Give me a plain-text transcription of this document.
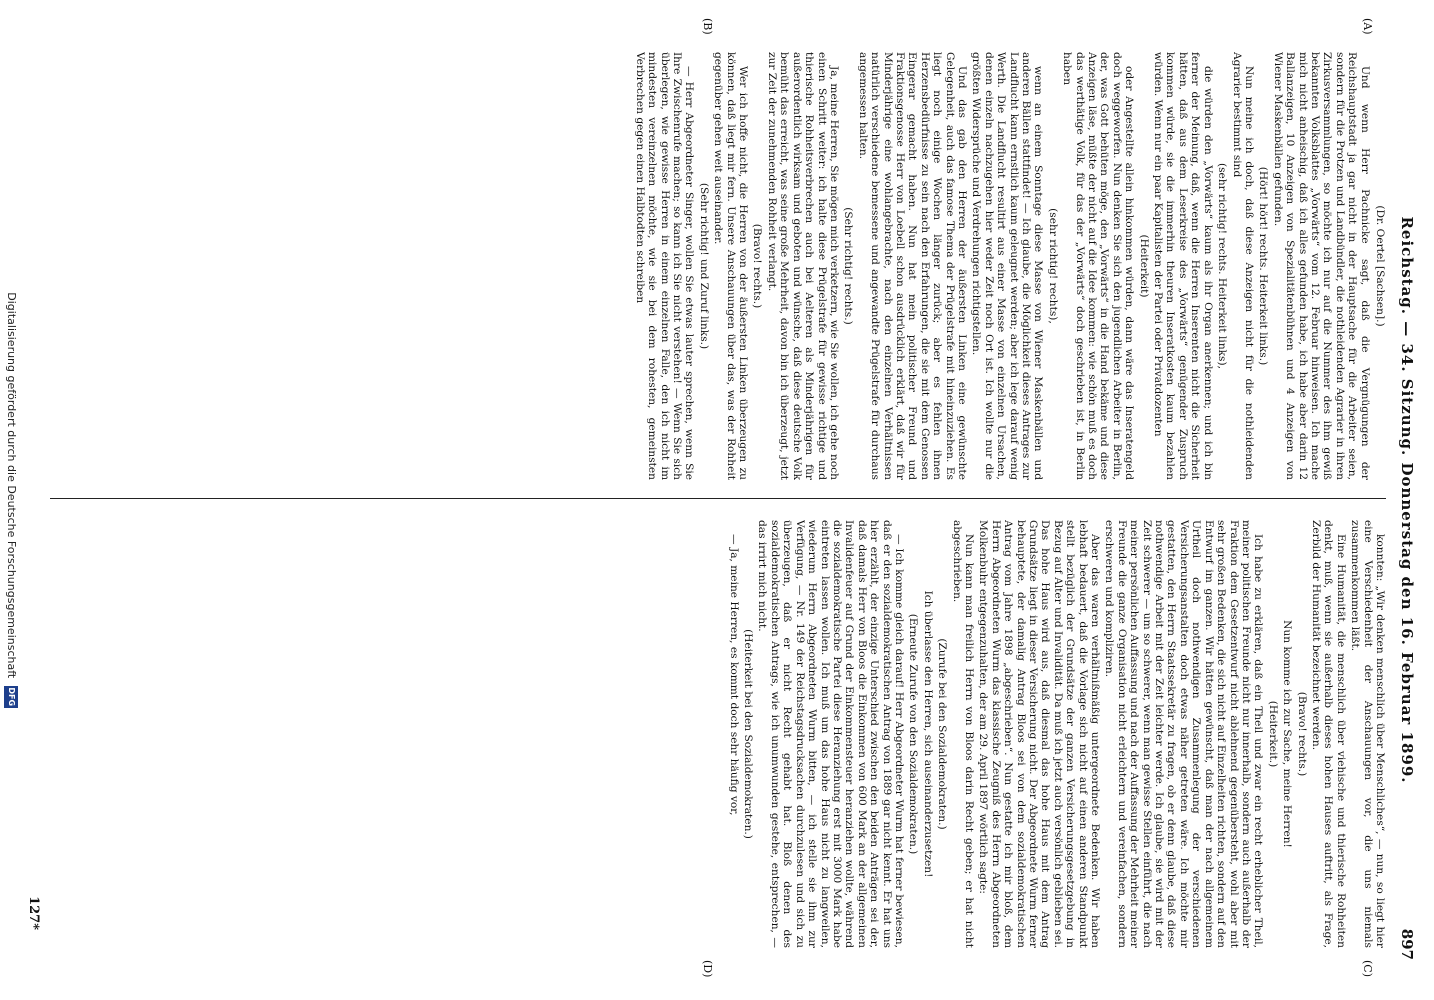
Reichstag. — 34. Sitzung. Donnerstag den 16. Februar 1899.
897
(A)
(B)
(C)
(D)

(Dr. Oertel [Sachsen].)

Und wenn Herr Pachnicke sagt, daß die Vergnügungen der Reichshauptstadt ja gar nicht in der Hauptsache für die Arbeiter seien, sondern für die Protzen und Landbündler, die nothleidenden Agrarier in ihren Zirkusversammlungen, so möchte ich nur auf die Nummer des ihm gewiß bekannten Volksblattes „Vorwärts“ vom 12. Februar hinweisen. Ich mache mich nicht anheischig, daß ich alles gefunden habe, ich habe aber darin 12 Ballanzeigen, 10 Anzeigen von Spezialitätenbühnen und 4 Anzeigen von Wiener Maskenbällen gefunden.

(Hört! hört! rechts. Heiterkeit links.)

Nun meine ich doch, daß diese Anzeigen nicht für die nothleidenden Agrarier bestimmt sind

(sehr richtig! rechts. Heiterkeit links),

die würden den „Vorwärts“ kaum als ihr Organ anerkennen; und ich bin ferner der Meinung, daß, wenn die Herren Inserenten nicht die Sicherheit hätten, daß aus dem Leserkreise des „Vorwärts“ genügender Zuspruch kommen würde, sie die immerhin theuren Inseratkosten kaum bezahlen würden. Wenn nur ein paar Kapitalisten der Partei oder Privatdozenten

(Heiterkeit)

oder Angestellte allein hinkommen würden, dann wäre das Inseratengeld doch weggeworfen. Nun denken Sie sich den jugendlichen Arbeiter in Berlin, der, was Gott behüten möge, den „Vorwärts“ in die Hand bekäme und diese Anzeigen läse, müßte der nicht auf die Idee kommen: wie schön muß es doch das werthätige Volk, für das der „Vorwärts“ doch geschrieben ist, in Berlin haben

(sehr richtig! rechts),

wenn an einem Sonntage diese Masse von Wiener Maskenbällen und anderen Bällen stattfindet! — Ich glaube, die Möglichkeit dieses Antrages zur Landflucht kann ernstlich kaum geleugnet werden; aber ich lege darauf wenig Werth. Die Landflucht resultirt aus einer Masse von einzelnen Ursachen, denen einzeln nachzugehen hier weder Zeit noch Ort ist. Ich wollte nur die größten Widersprüche und Verdrehungen richtigstellen.

Und das gab den Herren der äußersten Linken eine gewünschte Gelegenheit, auch das famose Thema der Prügelstrafe mit hineinzuziehen. Es liegt noch einige Wochen länger zurück; aber es fehlen ihnen Herzensbedürfnisse zu sein nach den Erfahrungen, die sie mit dem Genossen Eingerar gemacht haben. Nun hat mein politischer Freund und Fraktionsgenosse Herr von Loebell schon ausdrücklich erklärt, daß wir für Minderjährige eine wohlangebrachte, nach den einzelnen Verhältnissen natürlich verschiedene bemessene und angewandte Prügelstrafe für durchaus angemessen halten.

(Sehr richtig! rechts.)

Ja, meine Herren, Sie mögen mich verketzern, wie Sie wollen, ich gehe noch einen Schritt weiter: ich halte diese Prügelstrafe für gewisse richtige und thierische Rohheitsverbrechen auch bei Aelteren als Minderjährigen für außerordentlich wirksam und geboten und wünsche, daß diese deutsche Volk bemüht das erreicht, was seine große Mehrheit, davon bin ich überzeugt, jetzt zur Zeit der zunehmenden Rohheit verlangt.

(Bravo! rechts.)

Wer ich hoffe nicht, die Herren von der äußersten Linken überzeugen zu können, daß liegt mir fern. Unsere Anschauungen über das, was der Rohheit gegenüber gehen weit auseinander.

(Sehr richtig! und Zuruf links.)

— Herr Abgeordneter Singer, wollen Sie etwas lauter sprechen, wenn Sie Ihre Zwischenrufe machen; so kann ich Sie nicht verstehen! — Wenn Sie sich überlegen, wie gewisse Herren in einem einzelnen Falle, den ich nicht im mindesten vereinzelnen möchte, wie sie bei dem rohesten, gemeinsten Verbrechen gegen einen Halbtodten schreiben

konnten: „Wir denken menschlich über Menschliches“, — nun, so liegt hier eine Verschiedenheit der Anschauungen vor, die uns niemals zusammenkommen läßt.

Eine Humanität, die menschlich über viehische und thierische Rohheiten denkt, muß, wenn sie außerhalb dieses hohen Hauses auftritt, als Frage, Zerbild der Humanität bezeichnet werden.

(Bravo! rechts.)

Nun komme ich zur Sache, meine Herren!

(Heiterkeit.)

Ich habe zu erklären, daß ein Theil und zwar ein recht erheblicher Theil, meiner politischen Freunde nicht nur innerhalb, sondern auch außerhalb der Fraktion dem Gesetzentwurf nicht ablehnend gegenübersteht, wohl aber mit sehr großen Bedenken, die sich nicht auf Einzelheiten richten, sondern auf den Entwurf im ganzen. Wir hätten gewünscht, daß man der nach allgemeinem Urtheil doch nothwendigen Zusammenlegung der verschiedenen Versicherungsanstalten doch etwas näher getreten wäre. Ich möchte mir gestatten, den Herrn Staatssekretär zu fragen, ob er denn glaube, daß diese nothwendige Arbeit mit der Zeit leichter werde. Ich glaube, sie wird mit der Zeit schwerer — um so schwerer, wenn man gewisse Stellen einführt, die nach meiner persönlichen Auffassung und nach der Auffassung der Mehrheit meiner Freunde die ganze Organisation nicht erleichtern und vereinfachen, sondern erschweren und kompliziren.

Aber das waren verhältnißmäßig untergeordnete Bedenken. Wir haben lebhaft bedauert, daß die Vorlage sich nicht auf einen anderen Standpunkt stellt bezüglich der Grundsätze der ganzen Versicherungsgesetzgebung in Bezug auf Alter und Invalidität. Da muß ich jetzt auch versönlich geblieben sei. Das hohe Haus wird aus, daß diesmal das hohe Haus mit dem Antrag Grundsätze liegt in dieser Versicherung nicht. Der Abgeordnete Wurm ferner behauptete, der damalig Antrag Bloos sei von dem sozialdemokratischen Antrag vom Jahre 1898 „abgeschrieben“. Nun gestatte ich mir bloß, dem Herrn Abgeordneten Wurm das klassische Zeugniß des Herrn Abgeordneten Molkenbuhr entgegenzuhalten, der am 29. April 1897 wörtlich sagte:

Nun kann man freilich Herrn von Bloos darin Recht geben; er hat nicht abgeschrieben.

(Zurufe bei den Sozialdemokraten.)

Ich überlasse den Herren, sich auseinanderzusetzen!

(Erneute Zurufe von den Sozialdemokraten.)

— Ich komme gleich darauf! Herr Abgeordneter Wurm hat ferner bewiesen, daß er den sozialdemokratischen Antrag von 1889 gar nicht kennt. Er hat uns hier erzählt, der einzige Unterschied zwischen den beiden Anträgen sei der, daß damals Herr von Bloos die Einkommen von 600 Mark an der allgemeinen Invalidenfeuer auf Grund der Einkommensteuer heranziehen wollte, während die sozialdemokratische Partei diese Heranziehung erst mit 3000 Mark habe eintreten lassen wollen. Ich muß um das hohe Haus nicht zu langweilen, wiederum Herrn Abgeordneten Wurm bitten, — ich stelle sie ihm zur Verfügung, — Nr. 149 der Reichstagsdrucksachen durchzulesen und sich zu überzeugen, daß er nicht Recht gehabt hat. Bloß denen des sozialdemokratischen Antrags, wie ich unumwunden gestehe, entsprechen, — das irrirt mich nicht.

(Heiterkeit bei den Sozialdemokraten.)

— Ja, meine Herren, es kommt doch sehr häufig vor,

127*
Digitalisierung gefördert durch die Deutsche Forschungsgemeinschaft DFG
